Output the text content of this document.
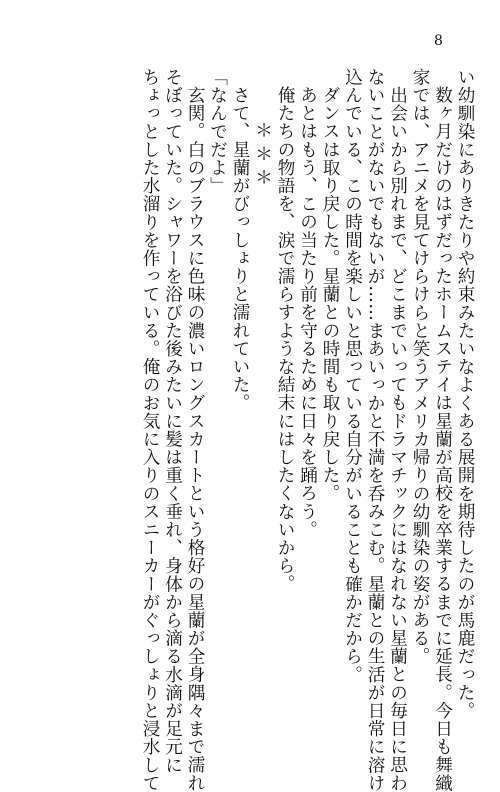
8

い幼馴染にありきたりや約束みたいなよくある展開を期待したのが馬鹿だった。

数ヶ月だけのはずだったホームステイは星蘭が高校を卒業するまでに延長。今日も舞織

家では、アニメを見てけらけらと笑うアメリカ帰りの幼馴染の姿がある。

出会いから別れまで、どこまでいってもドラマチックにはなれない星蘭との毎日に思わ

ないことがないでもないが……まあいっかと不満を呑みこむ。星蘭との生活が日常に溶け

込んでいる、この時間を楽しいと思っている自分がいることも確かだから。

ダンスは取り戻した。星蘭との時間も取り戻した。

あとはもう、この当たり前を守るために日々を踊ろう。

俺たちの物語を、涙で濡らすような結末にはしたくないから。

＊＊＊

さて、星蘭がびっしょりと濡れていた。

「なんでだよ」

玄関。白のブラウスに色味の濃いロングスカートという格好の星蘭が全身隅々まで濡れ

そぼっていた。シャワーを浴びた後みたいに髪は重く垂れ、身体から滴る水滴が足元に

ちょっとした水溜りを作っている。俺のお気に入りのスニーカーがぐっしょりと浸水して
